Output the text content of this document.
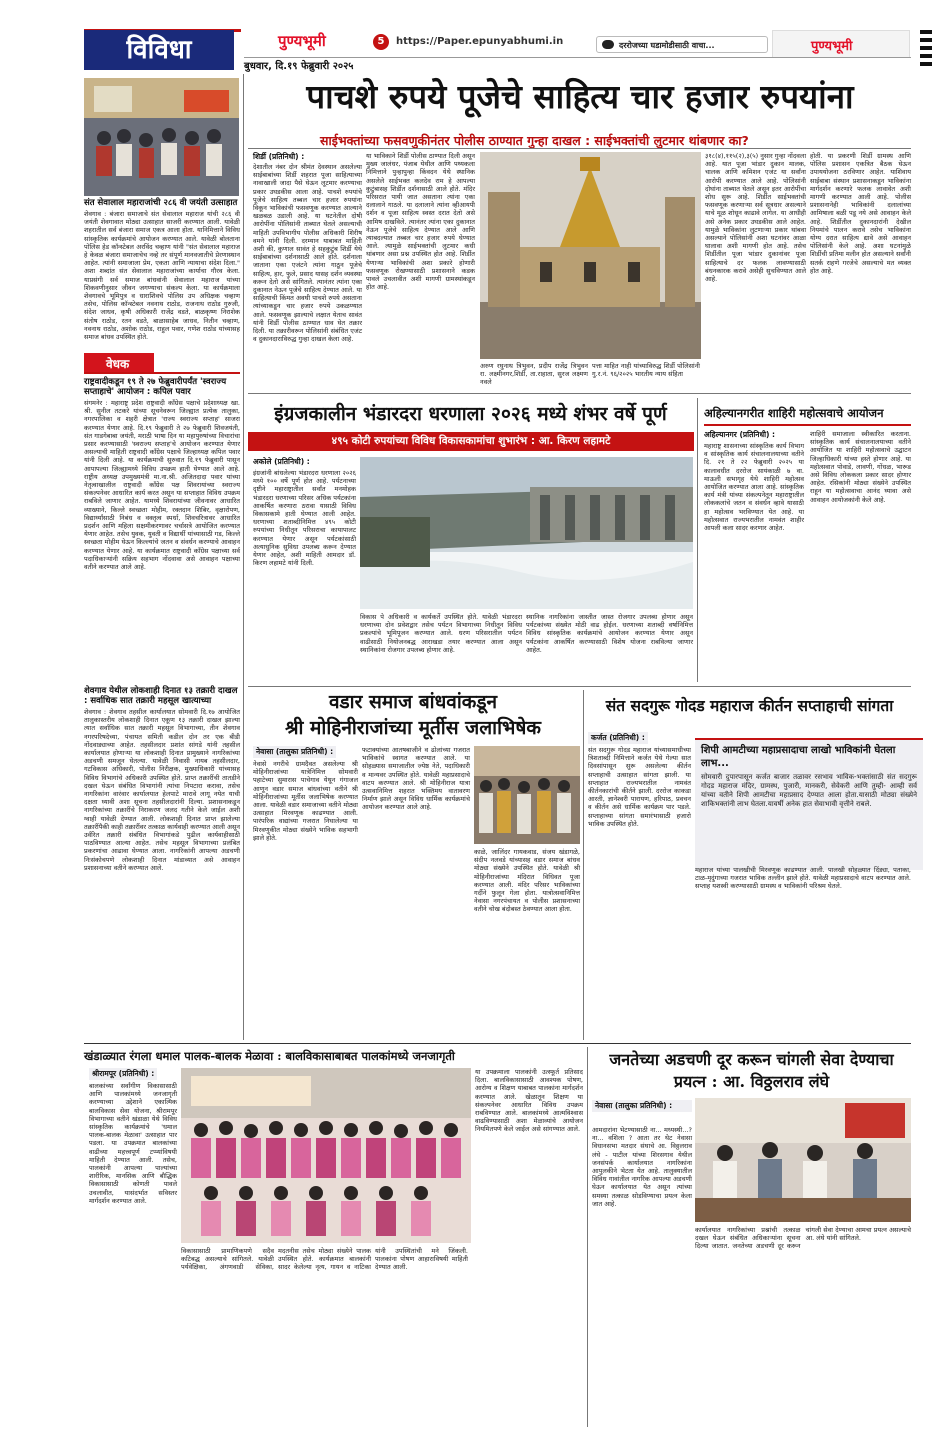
विविधा	पुण्यभूमी	5	https://Paper.epunyabhumi.in	दररोजच्या घडामोडीसाठी वाचा...	पुण्यभूमी
बुधवार, दि.१९ फेब्रुवारी २०२५
संत सेवालाल महाराजांची २८६ वी जयंती उत्साहात
शेवगाव : बंजारा समाजाचे संत सेवालाल महाराज यांची २८६ वी जयंती शेवगावात मोठ्या उत्साहात साजरी करण्यात आली. यावेळी शहरातील सर्व बंजारा समाज एकत्र आला होता. यानिमित्ताने विविध सांस्कृतिक कार्यक्रमांचे आयोजन करण्यात आले. यावेळी बोलताना पोलिस हेड कॉन्स्टेबल अरविंद चव्हाण यांनी "संत सेवालाल महाराज हे केवळ बंजारा समाजाचेच नव्हे तर संपूर्ण मानवजातीचे प्रेरणास्थान आहेत. त्यांनी समाजाला प्रेम, एकता आणि न्यायाचा संदेश दिला." अशा शब्दांत संत सेवालाल महाराजांच्या कार्याचा गौरव केला. याप्रसंगी सर्व समाज बांधवांनी सेवालाल महाराज यांच्या शिकवणीनुसार जीवन जगण्याचा संकल्प केला. या कार्यक्रमाला शेवगावचे भूमिपुत्र व धाराशिवचे पोलिस उप अधिक्षक चव्हाण तसेच, पोलिस कॉन्स्टेबल नवनाथ राठोड, राजनाथ राठोड गुरुजी, संदेश जाधव, कृषी अधिकारी राजेंद्र वडते, बाळकृष्ण निराशेक संतोष राठोड, रतन वडते, बाळासाहेब जाधव, नितीन चव्हाण, नवनाथ राठोड, अशोक राठोड, राहुल पवार, गणेश राठोड यांच्यासह समाज बांधव उपस्थित होते.
वेधक
राष्ट्रवादीकडून १९ ते २७ फेब्रुवारीपर्यंत 'स्वराज्य सप्ताहाचे' आयोजन : कपिल पवार
संगमनेर : महाराष्ट्र प्रदेश राष्ट्रवादी काँग्रेस पक्षाचे प्रदेशाध्यक्ष खा. श्री. सुनील तटकरे यांच्या सूचनेवरून जिल्ह्यात प्रत्येक तालुका, नगरपालिका व शहरी क्षेत्रात 'राज्य स्वराज्य सप्ताह' साजरा करण्यात येणार आहे. दि.१९ फेब्रुवारी ते २७ फेब्रुवारी शिवजयंती, संत गाडगेबाबा जयंती, मराठी भाषा दिन या महापुरुषांच्या विचारांचा प्रसार करण्यासाठी 'स्वराज्य सप्ताह'चे आयोजन करण्यात येणार असल्याची माहिती राष्ट्रवादी काँग्रेस पक्षाचे जिल्हाध्यक्ष कपिल पवार यांनी दिली आहे. या कार्यक्रमाची सुरुवात दि.१९ फेब्रुवारी पासून आपापल्या जिल्ह्यामध्ये विविध उपक्रम हाती घेण्यात आले आहे. राष्ट्रीय अध्यक्ष उपमुख्यमंत्री मा.ना.श्री. अजितदादा पवार यांच्या नेतृत्वाखालील राष्ट्रवादी काँग्रेस पक्ष शिवरायांच्या स्वराज्य संकल्पनेवर आधारित कार्य करत असून या सप्ताहात विविध उपक्रम राबविले जाणार आहेत. यामध्ये शिवरायांच्या जीवनावर आधारित व्याख्याने, किल्ले स्वच्छता मोहीम, रक्तदान शिबिर, वृक्षारोपण, विद्यार्थ्यांसाठी निबंध व वक्तृत्व स्पर्धा, शिवचरित्रावर आधारित प्रदर्शन आणि महिला सक्षमीकरणावर चर्चासत्रे आयोजित करण्यात येणार आहेत. तसेच युवक, युवती व विद्यार्थी यांच्यासाठी गड, किल्ले स्वच्छता मोहीम घेऊन किल्ल्यांचे जतन व संवर्धन करण्याचे आवाहन करण्यात येणार आहे. या कार्यक्रमात राष्ट्रवादी काँग्रेस पक्षाच्या सर्व पदाधिकाऱ्यांनी सक्रिय सहभाग नोंदवावा असे आवाहन पक्षाच्या वतीने करण्यात आले आहे.
शेवगाव येथील लोकशाही दिनात १३ तक्रारी दाखल : सर्वाधिक सात तक्रारी महसूल खात्याच्या
शेवगाव : शेवगाव तहसील कार्यालयात सोमवारी दि.१७ आयोजित तालुकास्तरीय लोकशाही दिनात एकूण १३ तक्रारी दाखल झाल्या त्यात सर्वाधिक सात तक्रारी महसूल विभागाच्या, तीन शेवगाव नगरपरिषदेच्या, पंचायत समिती कडील दोन तर एक बीडी नोंदवाड्याच्या आहेत. तहसीलदार प्रशांत सांगडे यांनी तहसील कार्यालयात होणाऱ्या या लोकशाही दिनात प्रामुख्याने नागरिकांच्या अडचणी समजून घेतल्या. यावेळी निवासी नायब तहसीलदार, गटविकास अधिकारी, पोलीस निरीक्षक, मुख्याधिकारी यांच्यासह विविध विभागांचे अधिकारी उपस्थित होते. प्राप्त तक्रारींची तातडीने दखल घेऊन संबंधित विभागांनी त्यांचा निपटारा करावा, तसेच नागरिकांना वारंवार कार्यालयात हेलपाटे मारावे लागू नयेत याची दक्षता घ्यावी अशा सूचना तहसीलदारांनी दिल्या. प्रशासनाकडून नागरिकांच्या तक्रारींचे निराकरण जलद गतीने केले जाईल अशी ग्वाही यावेळी देण्यात आली. लोकशाही दिनात प्राप्त झालेल्या तक्रारींपैकी काही तक्रारींवर तत्काळ कार्यवाही करण्यात आली असून उर्वरित तक्रारी संबंधित विभागांकडे पुढील कार्यवाहीसाठी पाठविण्यात आल्या आहेत. तसेच महसूल विभागाच्या प्रलंबित प्रकरणांचा आढावा घेण्यात आला. नागरिकांनी आपल्या अडचणी निःसंकोचपणे लोकशाही दिनात मांडाव्यात असे आवाहन प्रशासनाच्या वतीने करण्यात आले.
पाचशे रुपये पूजेचे साहित्य चार हजार रुपयांना
साईभक्तांच्या फसवणुकीनंतर पोलीस ठाण्यात गुन्हा दाखल : साईभक्तांची लुटमार थांबणार का?
शिर्डी (प्रतिनिधी) :
देशातील नंबर दोन श्रीमंत देवस्थान असलेल्या साईबाबांच्या शिर्डी शहरात पूजा साहित्याच्या नावाखाली जादा पैसे घेऊन लूटमार करण्याचा प्रकार उघडकीस आला आहे. पाचशे रुपयांचे पूजेचे साहित्य तब्बल चार हजार रुपयांना विकून भाविकांची फसवणूक करण्यात आल्याने खळबळ उडाली आहे. या घटनेतील दोषी आरोपींना पोलिसांनी ताब्यात घेतले असल्याची माहिती उपविभागीय पोलीस अधिकारी शिरीष वमने यांनी दिली. दरम्यान याबाबत माहिती अशी की, कुणाल सावंत हे सहकुटुंब शिर्डी येथे साईबाबांच्या दर्शनासाठी आले होते. दर्शनाला जाताना एका एजंटने त्यांना गाठून पूजेचे साहित्य, हार, फुले, प्रसाद यासह दर्शन व्यवस्था करून देतो असे सांगितले. त्यानंतर त्यांना एका दुकानात नेऊन पूजेचे साहित्य देण्यात आले. या साहित्याची किंमत अवघी पाचशे रुपये असताना त्यांच्याकडून चार हजार रुपये उकळण्यात आले. फसवणूक झाल्याचे लक्षात येताच सावंत यांनी शिर्डी पोलीस ठाण्यात धाव घेत तक्रार दिली. या तक्रारीवरून पोलिसांनी संबंधित एजंट व दुकानदाराविरुद्ध गुन्हा दाखल केला आहे.
या भाविकाने शिर्डी पोलीस ठाण्यात दिली असून मुख्य जालंधर, पंजाब येथील आणि पथ्यकला निमित्ताने पुन्हापुन्हा किंवदन येथे स्थानिक असलेले साईभक्त कलदेव राम हे आपल्या कुटुंबासह शिर्डीत दर्शनासाठी आले होते. मंदिर परिसरात पायी जात असताना त्यांना एका दलालाने गाठले. या दलालाने त्यांना व्हीआयपी दर्शन व पूजा साहित्य स्वस्त दरात देतो असे आमिष दाखविले. त्यानंतर त्यांना एका दुकानात नेऊन पूजेचे साहित्य देण्यात आले आणि त्याबदल्यात तब्बल चार हजार रुपये घेण्यात आले. त्यामुळे साईभक्तांची लुटमार कधी थांबणार असा प्रश्न उपस्थित होत आहे. शिर्डीत येणाऱ्या भाविकांची अशा प्रकारे होणारी फसवणूक रोखण्यासाठी प्रशासनाने कडक पावले उचलावीत अशी मागणी ग्रामस्थांकडून होत आहे.
अरुण रघुनाथ त्रिभुवन, प्रदीप राजेंद्र त्रिभुवन रा. लक्ष्मीनगर,शिर्डी, ता.राहाता, सुरज लक्ष्मण नवले
पत्ता माहित नाही यांच्याविरुद्ध शिर्डी पोलिसांनी गु.र.नं. ९६/२०२५ भारतीय न्याय संहिता
३१८(४),११५(२),३(५) नुसार गुन्हा नोंदवला आहे. यात पूजा भांडार दुकान मालक, चालक आणि कमिशन एजंट या सर्वांना आरोपी करण्यात आले आहे. पोलिसांनी दोघांना ताब्यात घेतले असून इतर आरोपींचा शोध सुरू आहे. शिर्डीत साईभक्तांची फसवणूक करणाऱ्या सर्व सूत्रधार असल्याने याचे मूळ शोधून काढावे लागेल. या आधीही असे अनेक प्रकार उघडकीस आले आहेत. यामुळे भाविकांना लुटणाऱ्या प्रकार थांबवा असल्याने पोलिसांनी अशा घटनांवर आळा घालावा अशी मागणी होत आहे. तसेच शिर्डीतील पूजा भांडार दुकानांवर पूजा साहित्याचे दर फलक लावण्यासाठी बंधनकारक करावे असेही सुचविण्यात आले आहे.
होती. या प्रकरणी शिर्डी ग्रामस्थ आणि पोलिस प्रशासन एकत्रित बैठक घेऊन उपाययोजना ठरविणार आहेत. याशिवाय साईबाबा संस्थान प्रशासनाकडून भाविकांना मार्गदर्शन करणारे फलक लावावेत अशी मागणी करण्यात आली आहे. पोलीस प्रशासनानेही भाविकांनी दलालांच्या आमिषाला बळी पडू नये असे आवाहन केले आहे. शिर्डीतील दुकानदारांनी देखील नियमांचे पालन करावे तसेच भाविकांना योग्य दरात साहित्य द्यावे असे आवाहन पोलिसांनी केले आहे. अशा घटनांमुळे शिर्डीची प्रतिमा मलीन होत असल्याने सर्वांनी सतर्क राहणे गरजेचे असल्याचे मत व्यक्त होत आहे.
इंग्रजकालीन भंडारदरा धरणाला २०२६ मध्ये शंभर वर्षे पूर्ण
४९५ कोटी रुपयांच्या विविध विकासकामांचा शुभारंभ : आ. किरण लहामटे
अकोले (प्रतिनिधी) :
इंग्रजांनी बांधलेल्या भंडारदरा धरणाला २०२६ मध्ये १०० वर्षे पूर्ण होत आहे. पर्यटनाच्या दृष्टीने महाराष्ट्रातील सर्वांत मनमोहक भंडारदरा धरणाच्या परिसर अधिक पर्यटकांना आकर्षित करणारा ठरावा यासाठी विविध विकासकामे हाती घेण्यात आली आहेत. धरणाच्या शताब्दीनिमित्त ४९५ कोटी रुपयांच्या निधीतून परिसराचा कायापालट करण्यात येणार असून पर्यटकांसाठी अत्याधुनिक सुविधा उपलब्ध करून देण्यात येणार आहेत, अशी माहिती आमदार डॉ. किरण लहामटे यांनी दिली.
विकास पे अधिकारी व कार्यकर्ते उपस्थित होते. यावेळी भंडारदरा धरणाच्या दोन प्रवेशद्वार तसेच पर्यटन विभागाच्या निधीतून विविध प्रकल्पांचे भूमिपूजन करण्यात आले. धरण परिसरातील पर्यटन वाढीसाठी नियोजनबद्ध आराखडा तयार करण्यात आला असून स्थानिकांना रोजगार उपलब्ध होणार आहे.
स्थानिक नागरिकांना जास्तीत जास्त रोजगार उपलब्ध होणार असून पर्यटकांच्या संख्येत मोठी वाढ होईल. धरणाच्या शताब्दी वर्षानिमित्त विविध सांस्कृतिक कार्यक्रमांचे आयोजन करण्यात येणार असून पर्यटकांना आकर्षित करण्यासाठी विशेष योजना राबविल्या जाणार आहेत.
अहिल्यानगरीत शाहिरी महोत्सवाचे आयोजन
अहिल्यानगर (प्रतिनिधी) :
महाराष्ट्र शासनाच्या सांस्कृतिक कार्य विभाग व सांस्कृतिक कार्य संचालनालयाच्या वतीने दि. २१ ते २२ फेब्रुवारी २०२५ या कालावधीत दररोज सायंकाळी ७ वा. माऊली सभागृह येथे शाहिरी महोत्सव आयोजित करण्यात आला आहे. सांस्कृतिक कार्य मंत्री यांच्या संकल्पनेतून महाराष्ट्रातील लोककलांचे जतन व संवर्धन व्हावे यासाठी हा महोत्सव भरविण्यात येत आहे. या महोत्सवात राज्यभरातील नामवंत शाहीर आपली कला सादर करणार आहेत.
शाहिरी समाजाला स्वीकारित करताना. सांस्कृतिक कार्य संचालनालयाच्या वतीने आयोजित या शाहिरी महोत्सवाचे उद्घाटन जिल्हाधिकारी यांच्या हस्ते होणार आहे. या महोत्सवात पोवाडे, लावणी, गोंधळ, भारूड असे विविध लोककला प्रकार सादर होणार आहेत. रसिकांनी मोठ्या संख्येने उपस्थित राहून या महोत्सवाचा आनंद घ्यावा असे आवाहन आयोजकांनी केले आहे.
वडार समाज बांधवांकडून
श्री मोहिनीराजांच्या मूर्तीस जलाभिषेक
नेवासा (तालुका प्रतिनिधी) :
नेवासे नगरीचे ग्रामदैवत असलेल्या श्री मोहिनीराजांच्या यात्रेनिमित्त सोमवारी पहाटेच्या सुमारास पाचेगाव येथून गंगाजल आणून वडार समाज बांधवांच्या वतीने श्री मोहिनीराजांच्या मूर्तीस जलाभिषेक करण्यात आला. यावेळी वडार समाजाच्या वतीने मोठ्या उत्साहात मिरवणूक काढण्यात आली. पारंपरिक वाद्यांच्या गजरात निघालेल्या या मिरवणुकीत मोठ्या संख्येने भाविक सहभागी झाले होते.
फटाक्यांच्या आतषबाजीने व ढोलांच्या गजरात भाविकांचे स्वागत करण्यात आले. या सोहळ्यास समाजातील ज्येष्ठ नेते, पदाधिकारी व मान्यवर उपस्थित होते. यावेळी महाप्रसादाचे वाटप करण्यात आले. श्री मोहिनीराज यात्रा उत्सवानिमित्त शहरात भक्तिमय वातावरण निर्माण झाले असून विविध धार्मिक कार्यक्रमांचे आयोजन करण्यात आले आहे.
काळे, जालिंदर गायकवाड, संजय खंडागळे, संदीप नलवडे यांच्यासह वडार समाज बांधव मोठ्या संख्येने उपस्थित होते. यावेळी श्री मोहिनीराजांच्या मंदिरात विधिवत पूजा करण्यात आली. मंदिर परिसर भाविकांच्या गर्दीने फुलून गेला होता. यात्रोत्सवानिमित्त नेवासा नगरपंचायत व पोलीस प्रशासनाच्या वतीने चोख बंदोबस्त ठेवण्यात आला होता.
संत सदगुरू गोदड महाराज कीर्तन सप्ताहाची सांगता
कर्जत (प्रतिनिधी) :
संत सदगुरू गोदड महाराज यांच्यासमाधीच्या त्रिशताब्दी निमित्ताने कर्जत येथे गेल्या सात दिवसांपासून सुरू असलेल्या कीर्तन सप्ताहाची उत्साहात सांगता झाली. या सप्ताहात राज्यभरातील नामवंत कीर्तनकारांची कीर्तने झाली. दररोज काकडा आरती, ज्ञानेश्वरी पारायण, हरिपाठ, प्रवचन व कीर्तन असे धार्मिक कार्यक्रम पार पडले. सप्ताहाच्या सांगता समारंभासाठी हजारो भाविक उपस्थित होते.
शिपी आमटीच्या महाप्रसादाचा लाखो भाविकांनी घेतला लाभ...
सोमवारी दुपारपासून कर्जत बाजार तळावर रसभाव भाविक-भक्तांसाठी संत सदगुरू गोदड महाराज मंदिर, ग्रामस्थ, पुजारी, मानकरी, सेवेकरी आणि तुम्ही- आम्ही सर्व यांच्या वतीने शिपी आमटीचा महाप्रसाद देण्यात आला होता.यासाठी मोठ्या संख्येने शाकिभक्तांनी लाभ घेतला.यावर्षी अनेक हात सेवाभावी वृत्तीने राबले.
महाराज यांच्या पालखीची मिरवणूक काढण्यात आली. पालखी सोहळ्यात दिंड्या, पताका, टाळ-मृदुंगाच्या गजरात भाविक तल्लीन झाले होते. यावेळी महाप्रसादाचे वाटप करण्यात आले. सप्ताह यशस्वी करण्यासाठी ग्रामस्थ व भाविकांनी परिश्रम घेतले.
खंडाळ्यात रंगला धमाल पालक-बालक मेळावा : बालविकासाबाबत पालकांमध्ये जनजागृती
श्रीरामपूर (प्रतिनिधी) :
बालकांच्या सर्वांगीण विकासासाठी आणि पालकांमध्ये जनजागृती करण्याच्या उद्देशाने एकात्मिक बालविकास सेवा योजना, श्रीरामपूर विभागाच्या वतीने खंडाळा येथे विविध सांस्कृतिक कार्यक्रमांचे 'धमाल पालक-बालक मेळावा' उत्साहात पार पडला. या उपक्रमात बालकांच्या वाढीच्या महत्त्वपूर्ण टप्प्यांविषयी माहिती देण्यात आली. तसेच, पालकांनी आपल्या पाल्यांच्या शारीरिक, मानसिक आणि बौद्धिक विकासासाठी कोणती पावले उचलावीत, यासंदर्भात सविस्तर मार्गदर्शन करण्यात आले.
विकासासाठी प्रामाणिकपणे सदैव कटिबद्ध असल्याचे सांगितले. यावेळी पर्यवेक्षिका, अंगणवाडी सेविका, मदतनीस तसेच मोठ्या संख्येने पालक उपस्थित होते. कार्यक्रमात बालकांनी सादर केलेल्या नृत्य, गायन व नाटिका यांनी उपस्थितांची मने जिंकली. पालकांना पोषण आहाराविषयी माहिती देण्यात आली.
या उपक्रमाला पालकांनी उत्स्फूर्त प्रतिसाद दिला. बालविकासासाठी आवश्यक पोषण, आरोग्य व शिक्षण याबाबत पालकांना मार्गदर्शन करण्यात आले. खेळातून शिक्षण या संकल्पनेवर आधारित विविध उपक्रम राबविण्यात आले. बालकांमध्ये आत्मविश्वास वाढविण्यासाठी अशा मेळाव्यांचे आयोजन नियमितपणे केले जाईल असे सांगण्यात आले.
जनतेच्या अडचणी दूर करून चांगली सेवा देण्याचा प्रयत्न : आ. विठ्ठलराव लंघे
नेवासा (तालुका प्रतिनिधी) :
आमदारांना भेटण्यासाठी ना... मध्यस्थी...? ना... वशिला ? आता तर थेट नेवासा विधानसभा मतदार संघाचे आ. विठ्ठलराव लंघे - पाटील यांच्या शिरसगाव येथील जनसंपर्क कार्यालयात नागरिकांना आपुलकीने भेटता येत आहे. तालुक्यातील विविध गावांतील नागरिक आपल्या अडचणी घेऊन कार्यालयात येत असून त्यांच्या समस्या तत्काळ सोडविण्याचा प्रयत्न केला जात आहे.
कार्यालयात नागरिकांच्या प्रश्नांची तत्काळ दखल घेऊन संबंधित अधिकाऱ्यांना सूचना दिल्या जातात. जनतेच्या अडचणी दूर करून चांगली सेवा देण्याचा आमचा प्रयत्न असल्याचे आ. लंघे यांनी सांगितले.
